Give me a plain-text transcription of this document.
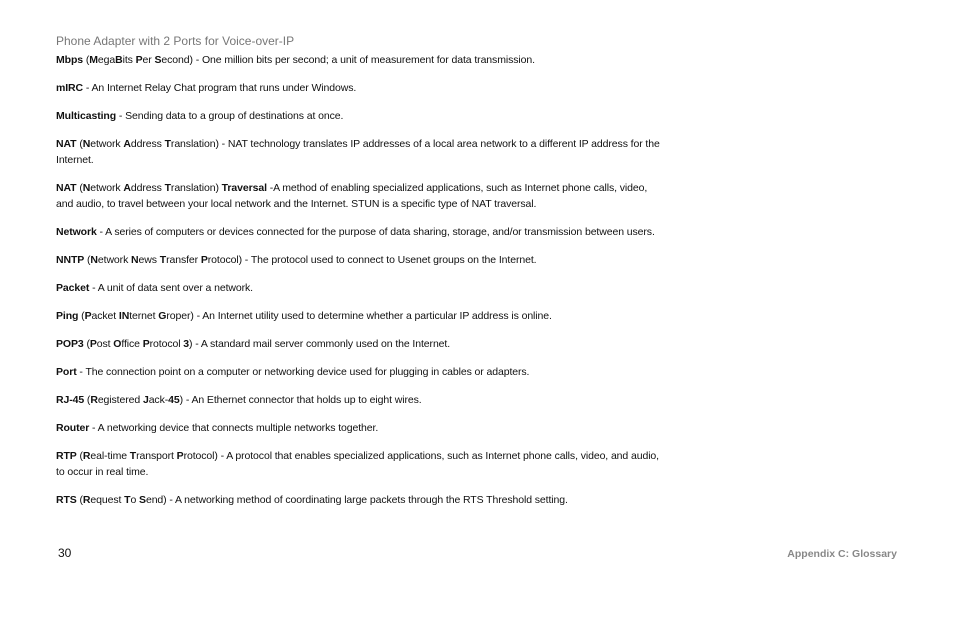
Phone Adapter with 2 Ports for Voice-over-IP

Mbps (MegaBits Per Second) - One million bits per second; a unit of measurement for data transmission.

mIRC - An Internet Relay Chat program that runs under Windows.

Multicasting - Sending data to a group of destinations at once.

NAT (Network Address Translation) - NAT technology translates IP addresses of a local area network to a different IP address for the Internet.

NAT (Network Address Translation) Traversal -A method of enabling specialized applications, such as Internet phone calls, video, and audio, to travel between your local network and the Internet. STUN is a specific type of NAT traversal.

Network - A series of computers or devices connected for the purpose of data sharing, storage, and/or transmission between users.

NNTP (Network News Transfer Protocol) - The protocol used to connect to Usenet groups on the Internet.

Packet - A unit of data sent over a network.

Ping (Packet INternet Groper) - An Internet utility used to determine whether a particular IP address is online.

POP3 (Post Office Protocol 3) - A standard mail server commonly used on the Internet.

Port - The connection point on a computer or networking device used for plugging in cables or adapters.

RJ-45 (Registered Jack-45) - An Ethernet connector that holds up to eight wires.

Router - A networking device that connects multiple networks together.

RTP (Real-time Transport Protocol) - A protocol that enables specialized applications, such as Internet phone calls, video, and audio, to occur in real time.

RTS (Request To Send) - A networking method of coordinating large packets through the RTS Threshold setting.

30	Appendix C: Glossary
